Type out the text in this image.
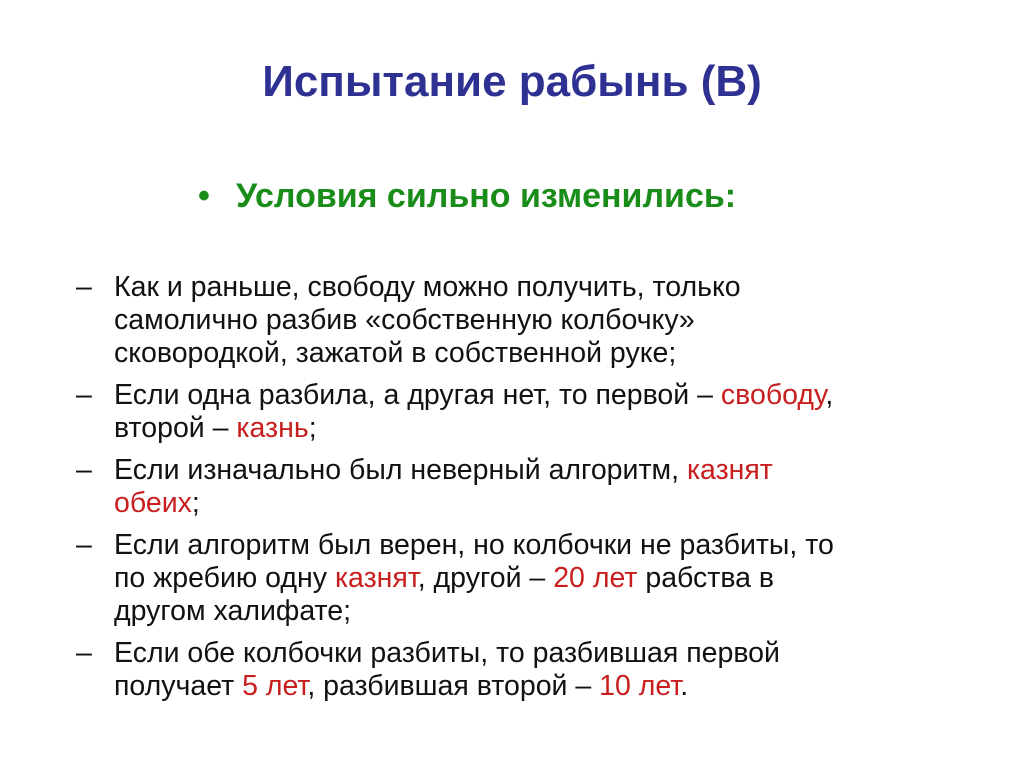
Испытание рабынь (В)
• Условия сильно изменились:
– Как и раньше, свободу можно получить, только
самолично разбив «собственную колбочку»
сковородкой, зажатой в собственной руке;
– Если одна разбила, а другая нет, то первой – свободу,
второй – казнь;
– Если изначально был неверный алгоритм, казнят
обеих;
– Если алгоритм был верен, но колбочки не разбиты, то
по жребию одну казнят, другой – 20 лет рабства в
другом халифате;
– Если обе колбочки разбиты, то разбившая первой
получает 5 лет, разбившая второй – 10 лет.
